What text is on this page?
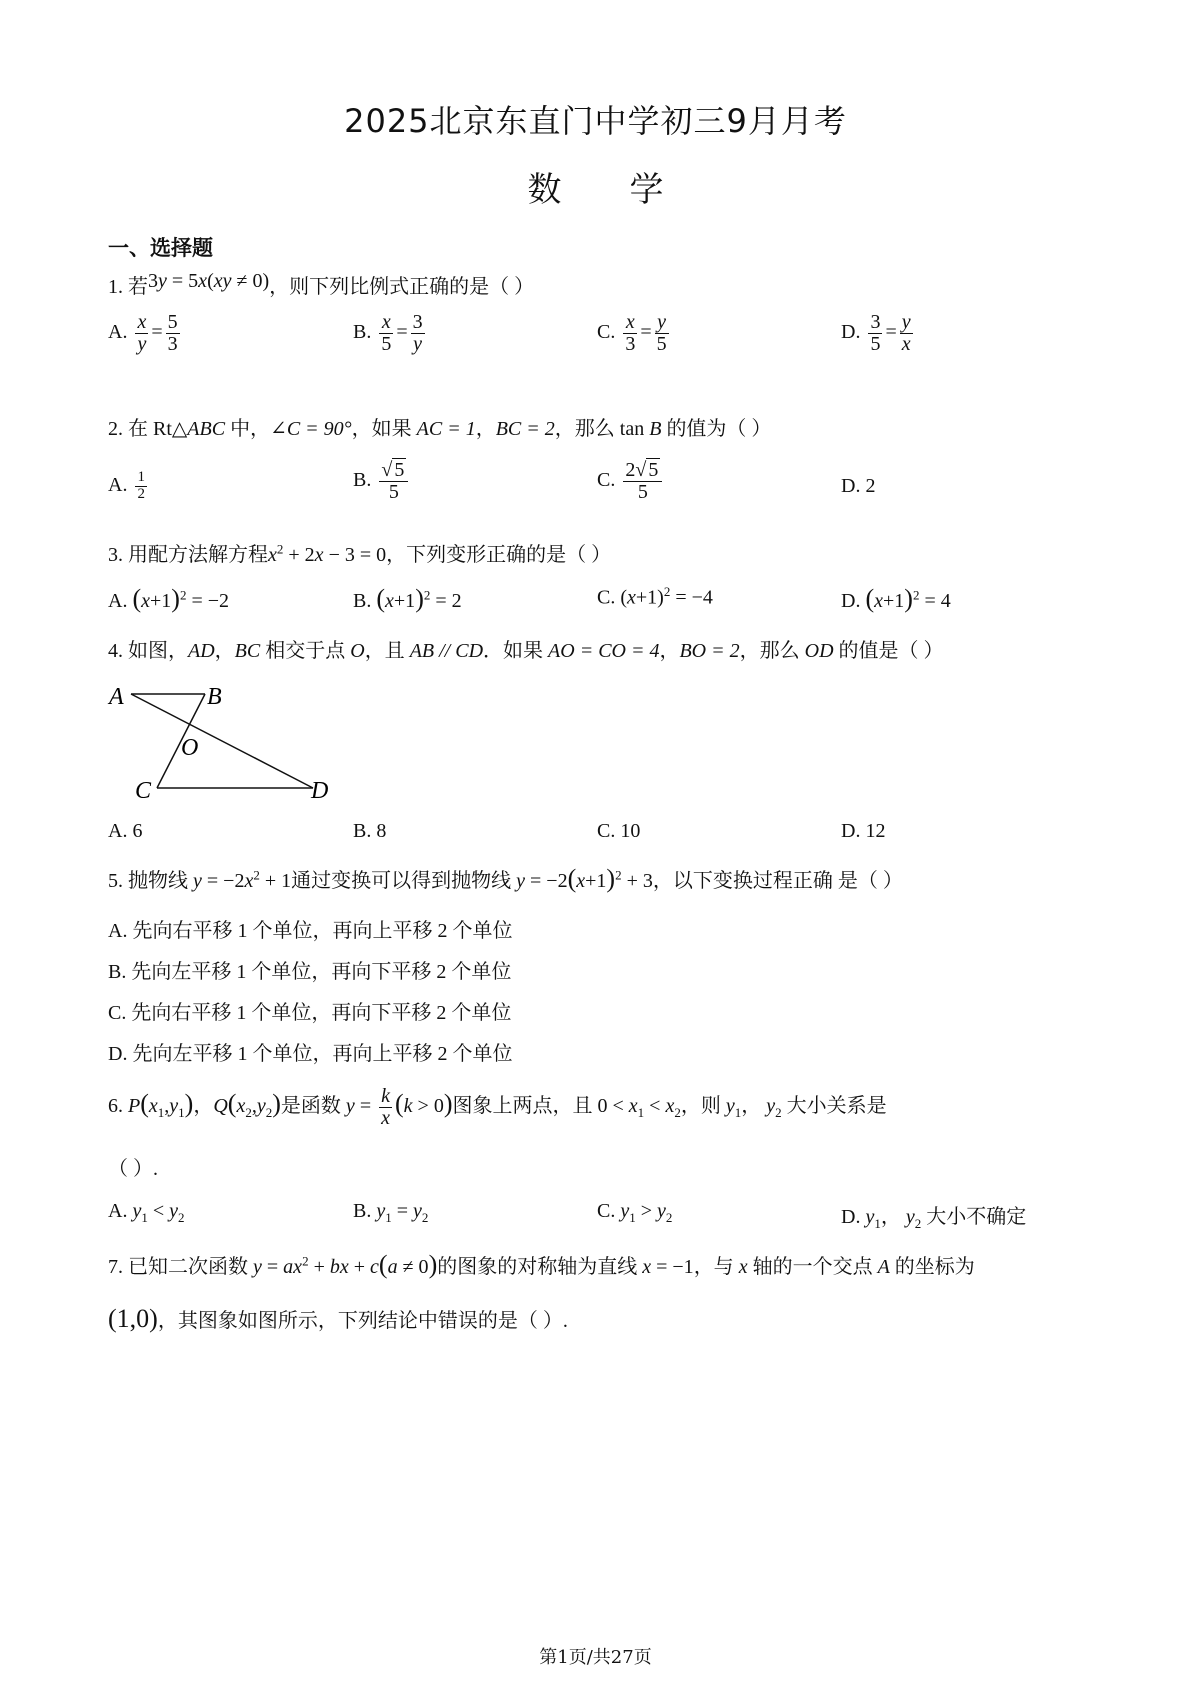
2025北京东直门中学初三9月月考
数 学
一、选择题
1. 若3y = 5x(xy ≠ 0)，则下列比例式正确的是（ ）
A. $\frac{x}{y} = \frac{5}{3}$	B. $\frac{x}{5} = \frac{3}{y}$	C. $\frac{x}{3} = \frac{y}{5}$	D. $\frac{3}{5} = \frac{y}{x}$
2. 在 Rt△ABC 中，∠C = 90°，如果 AC = 1，BC = 2，那么 tan B 的值为（ ）
A. $\frac{1}{2}$	B. $\frac{√ 5}{5}$	C. $\frac{2√ 5}{5}$	D. 2
3. 用配方法解方程$x^2 + 2x - 3 = 0$，下列变形正确的是（ ）
A. $(x+1)^2 = -2$	B. $(x+1)^2 = 2$	C. $(x+1)^2 = -4$	D. $(x+1)^2 = 4$
4. 如图，AD，BC 相交于点 O，且 AB // CD．如果 AO = CO = 4，BO = 2，那么 OD 的值是（ ）
A	B
O
C	D
A. 6	B. 8	C. 10	D. 12
5. 抛物线 $y = -2x^2 + 1$通过变换可以得到抛物线 $y = -2(x+1)^2 + 3$，以下变换过程正确 是（ ）
A. 先向右平移 1 个单位，再向上平移 2 个单位
B. 先向左平移 1 个单位，再向下平移 2 个单位
C. 先向右平移 1 个单位，再向下平移 2 个单位
D. 先向左平移 1 个单位，再向上平移 2 个单位
6. $P(x_1,y_1)$，$Q(x_2,y_2)$是函数 $y = \frac{k}{x} (k > 0)$图象上两点，且 $0 < x_1 < x_2$，则 $y_1$， $y_2$ 大小关系是
（ ）.
A. $y_1 < y_2$	B. $y_1 = y_2$	C. $y_1 > y_2$	D. $y_1$， $y_2$ 大小不确定
7. 已知二次函数 $y = ax^2$ + bx + c(a ≠ 0)的图象的对称轴为直线 x = −1，与 x 轴的一个交点 A 的坐标为
(1,0)，其图象如图所示，下列结论中错误的是（ ）.
第1页/共27页
